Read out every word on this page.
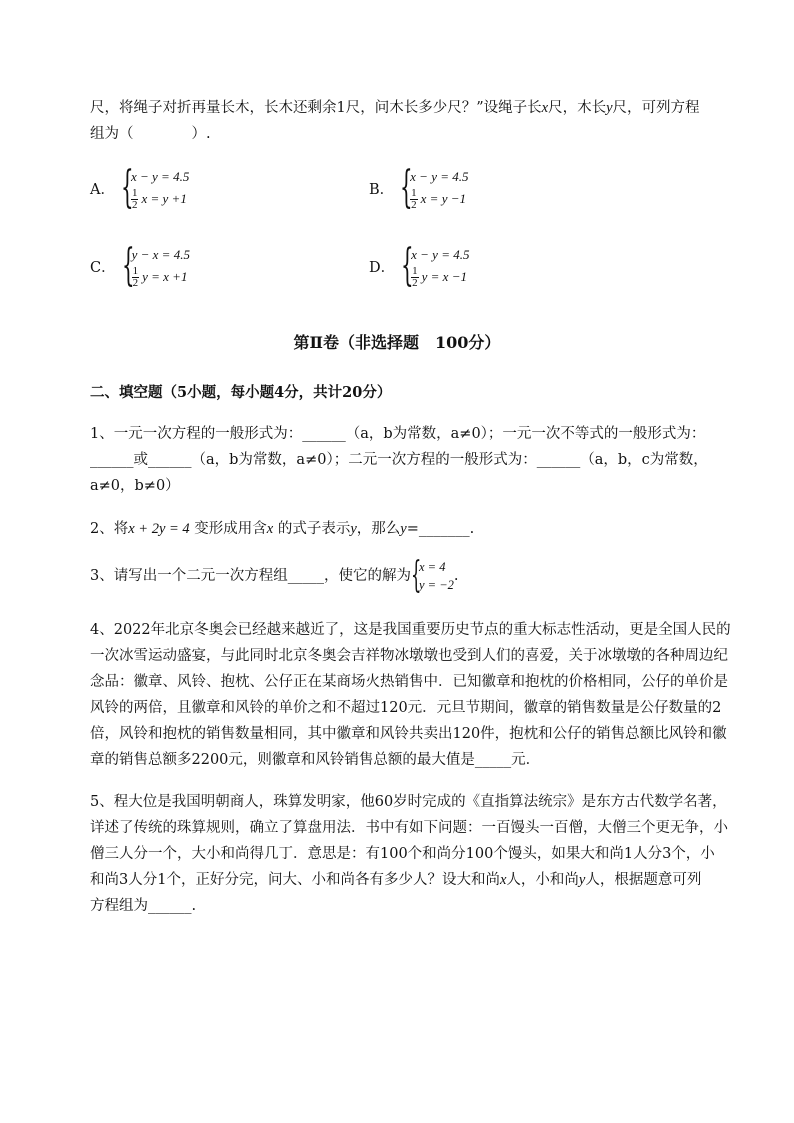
尺，将绳子对折再量长木，长木还剩余1尺，问木长多少尺？”设绳子长x尺，木长y尺，可列方程
组为（　　　　）.
A． {
x − y = 4.5
$\frac{1}{2}$ x = y +1
B． {
x − y = 4.5
$\frac{1}{2}$ x = y −1
C． {
y − x = 4.5
$\frac{1}{2}$ y = x +1
D． {
x − y = 4.5
$\frac{1}{2}$ y = x −1
第Ⅱ卷（非选择题　100分）
二、填空题（5小题，每小题4分，共计20分）
1、一元一次方程的一般形式为：______（a，b为常数，a≠0）；一元一次不等式的一般形式为：
______或______（a，b为常数，a≠0）；二元一次方程的一般形式为：______（a，b，c为常数，
a≠0，b≠0）
2、将x + 2y = 4 变形成用含x 的式子表示y，那么y=_______.
3、请写出一个二元一次方程组_____，使它的解为 {
x = 4
y = −2
.
4、2022年北京冬奥会已经越来越近了，这是我国重要历史节点的重大标志性活动，更是全国人民的
一次冰雪运动盛宴，与此同时北京冬奥会吉祥物冰墩墩也受到人们的喜爱，关于冰墩墩的各种周边纪
念品：徽章、风铃、抱枕、公仔正在某商场火热销售中．已知徽章和抱枕的价格相同，公仔的单价是
风铃的两倍，且徽章和风铃的单价之和不超过120元．元旦节期间，徽章的销售数量是公仔数量的2
倍，风铃和抱枕的销售数量相同，其中徽章和风铃共卖出120件，抱枕和公仔的销售总额比风铃和徽
章的销售总额多2200元，则徽章和风铃销售总额的最大值是_____元．
5、程大位是我国明朝商人，珠算发明家，他60岁时完成的《直指算法统宗》是东方古代数学名著，
详述了传统的珠算规则，确立了算盘用法．书中有如下问题：一百馒头一百僧，大僧三个更无争，小
僧三人分一个，大小和尚得几丁．意思是：有100个和尚分100个馒头，如果大和尚1人分3个，小
和尚3人分1个，正好分完，问大、小和尚各有多少人？设大和尚x人，小和尚y人，根据题意可列
方程组为______.
